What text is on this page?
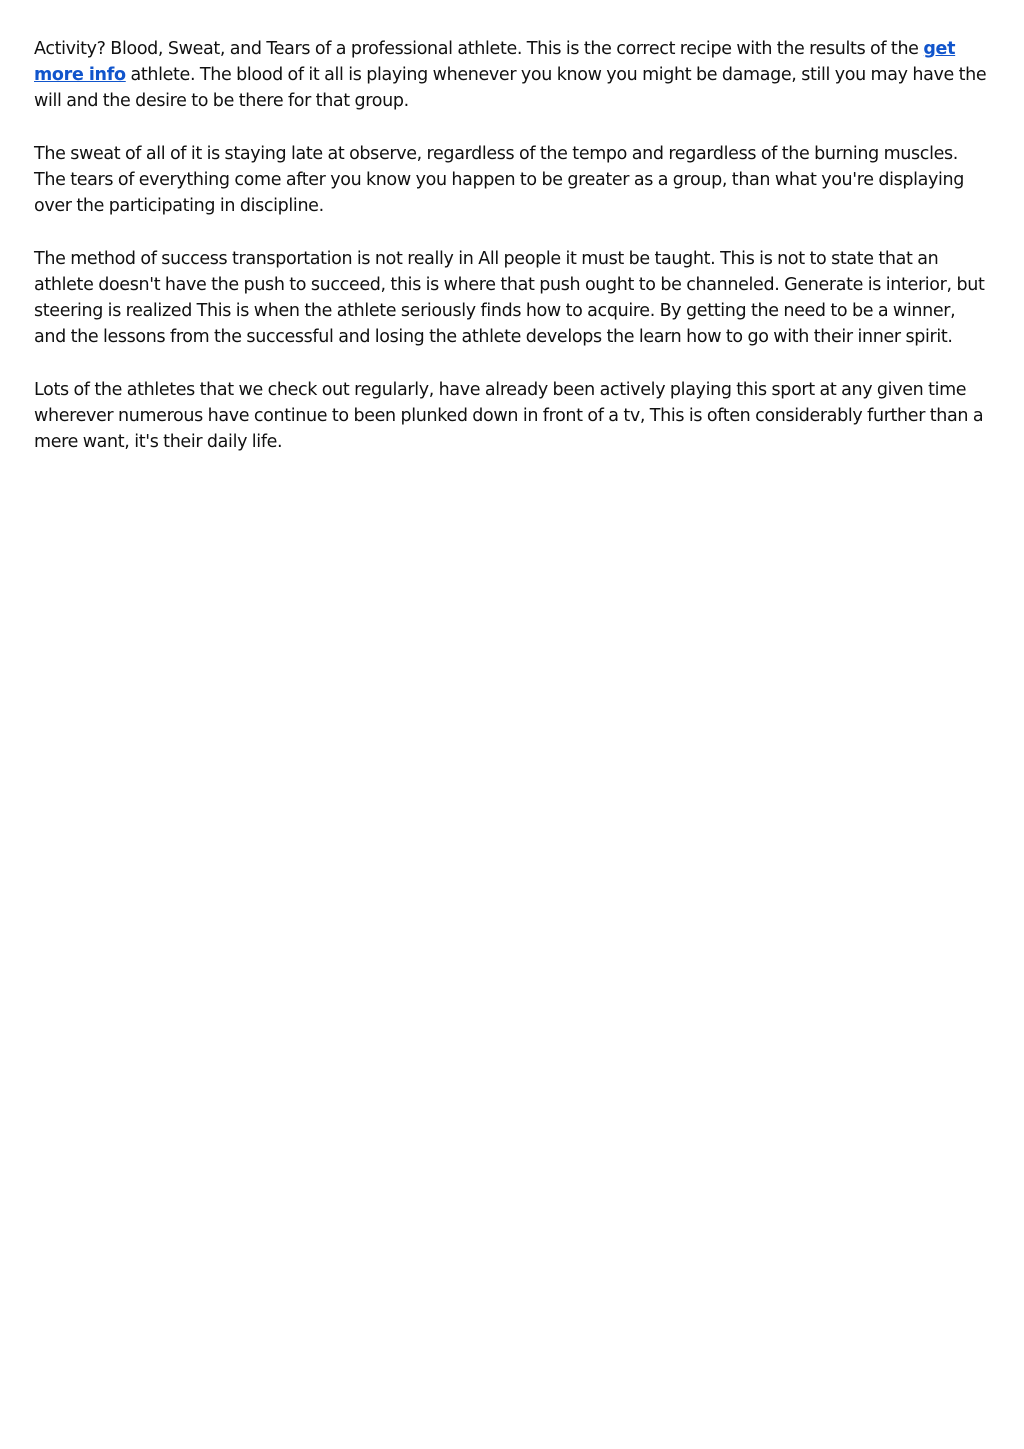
Activity? Blood, Sweat, and Tears of a professional athlete. This is the correct recipe with the results of the get more info athlete. The blood of it all is playing whenever you know you might be damage, still you may have the will and the desire to be there for that group.

The sweat of all of it is staying late at observe, regardless of the tempo and regardless of the burning muscles. The tears of everything come after you know you happen to be greater as a group, than what you're displaying over the participating in discipline.

The method of success transportation is not really in All people it must be taught. This is not to state that an athlete doesn't have the push to succeed, this is where that push ought to be channeled. Generate is interior, but steering is realized This is when the athlete seriously finds how to acquire. By getting the need to be a winner, and the lessons from the successful and losing the athlete develops the learn how to go with their inner spirit.

Lots of the athletes that we check out regularly, have already been actively playing this sport at any given time wherever numerous have continue to been plunked down in front of a tv, This is often considerably further than a mere want, it's their daily life.
